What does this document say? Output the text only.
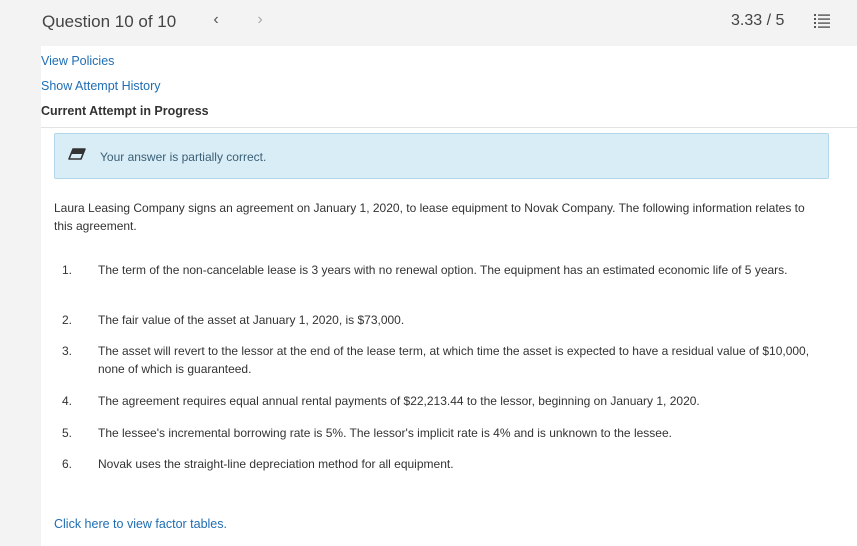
Question 10 of 10	‹	›	3.33 / 5
View Policies
Show Attempt History
Current Attempt in Progress
Your answer is partially correct.

Laura Leasing Company signs an agreement on January 1, 2020, to lease equipment to Novak Company. The following information relates to this agreement.

1. The term of the non-cancelable lease is 3 years with no renewal option. The equipment has an estimated economic life of 5 years.
2. The fair value of the asset at January 1, 2020, is $73,000.
3. The asset will revert to the lessor at the end of the lease term, at which time the asset is expected to have a residual value of $10,000, none of which is guaranteed.
4. The agreement requires equal annual rental payments of $22,213.44 to the lessor, beginning on January 1, 2020.
5. The lessee's incremental borrowing rate is 5%. The lessor's implicit rate is 4% and is unknown to the lessee.
6. Novak uses the straight-line depreciation method for all equipment.
Click here to view factor tables.
